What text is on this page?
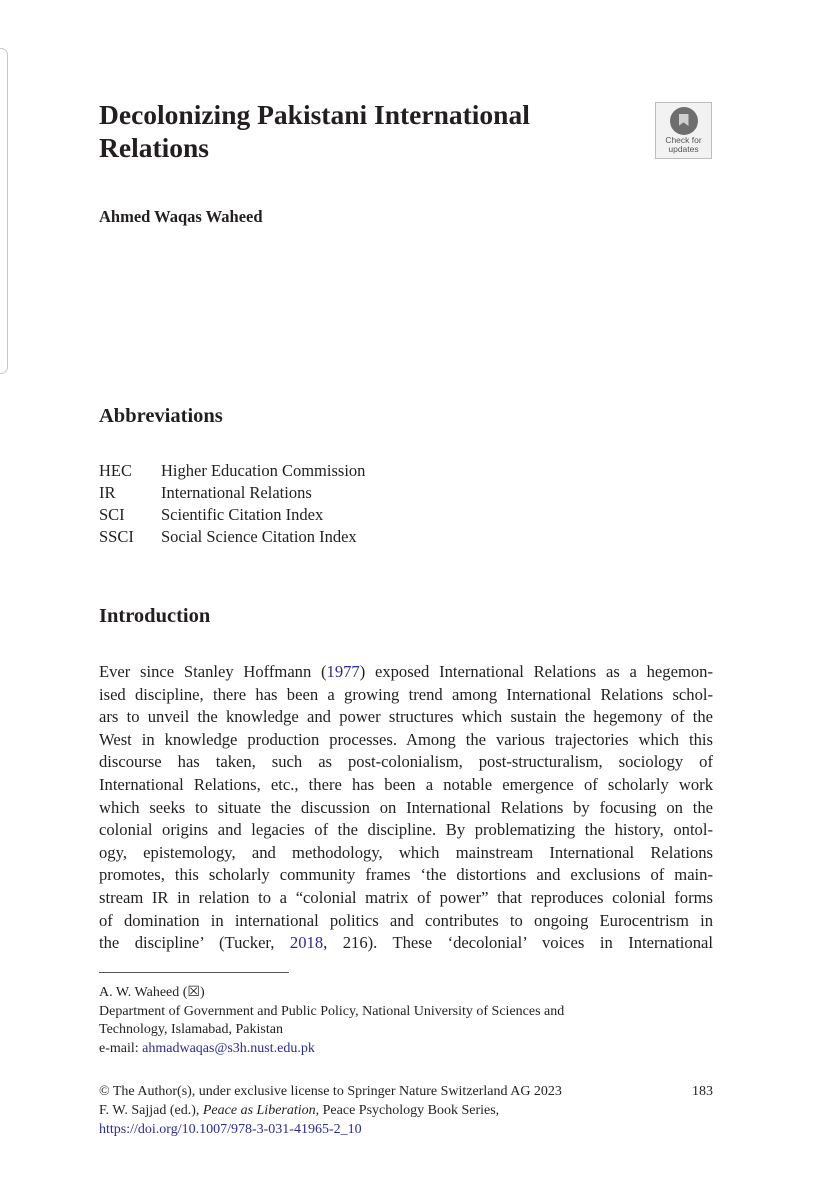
Decolonizing Pakistani International
Relations	Check for
updates
Ahmed Waqas Waheed
Abbreviations
HEC	Higher Education Commission
IR	International Relations
SCI	Scientific Citation Index
SSCI	Social Science Citation Index
Introduction
Ever since Stanley Hoffmann (1977) exposed International Relations as a hegemon-
ised discipline, there has been a growing trend among International Relations schol-
ars to unveil the knowledge and power structures which sustain the hegemony of the
West in knowledge production processes. Among the various trajectories which this
discourse has taken, such as post-colonialism, post-structuralism, sociology of
International Relations, etc., there has been a notable emergence of scholarly work
which seeks to situate the discussion on International Relations by focusing on the
colonial origins and legacies of the discipline. By problematizing the history, ontol-
ogy, epistemology, and methodology, which mainstream International Relations
promotes, this scholarly community frames ‘the distortions and exclusions of main-
stream IR in relation to a “colonial matrix of power” that reproduces colonial forms
of domination in international politics and contributes to ongoing Eurocentrism in
the discipline’ (Tucker, 2018, 216). These ‘decolonial’ voices in International
A. W. Waheed (☒)
Department of Government and Public Policy, National University of Sciences and
Technology, Islamabad, Pakistan
e-mail: ahmadwaqas@s3h.nust.edu.pk
© The Author(s), under exclusive license to Springer Nature Switzerland AG 2023	183
F. W. Sajjad (ed.), Peace as Liberation, Peace Psychology Book Series,
https://doi.org/10.1007/978-3-031-41965-2_10
